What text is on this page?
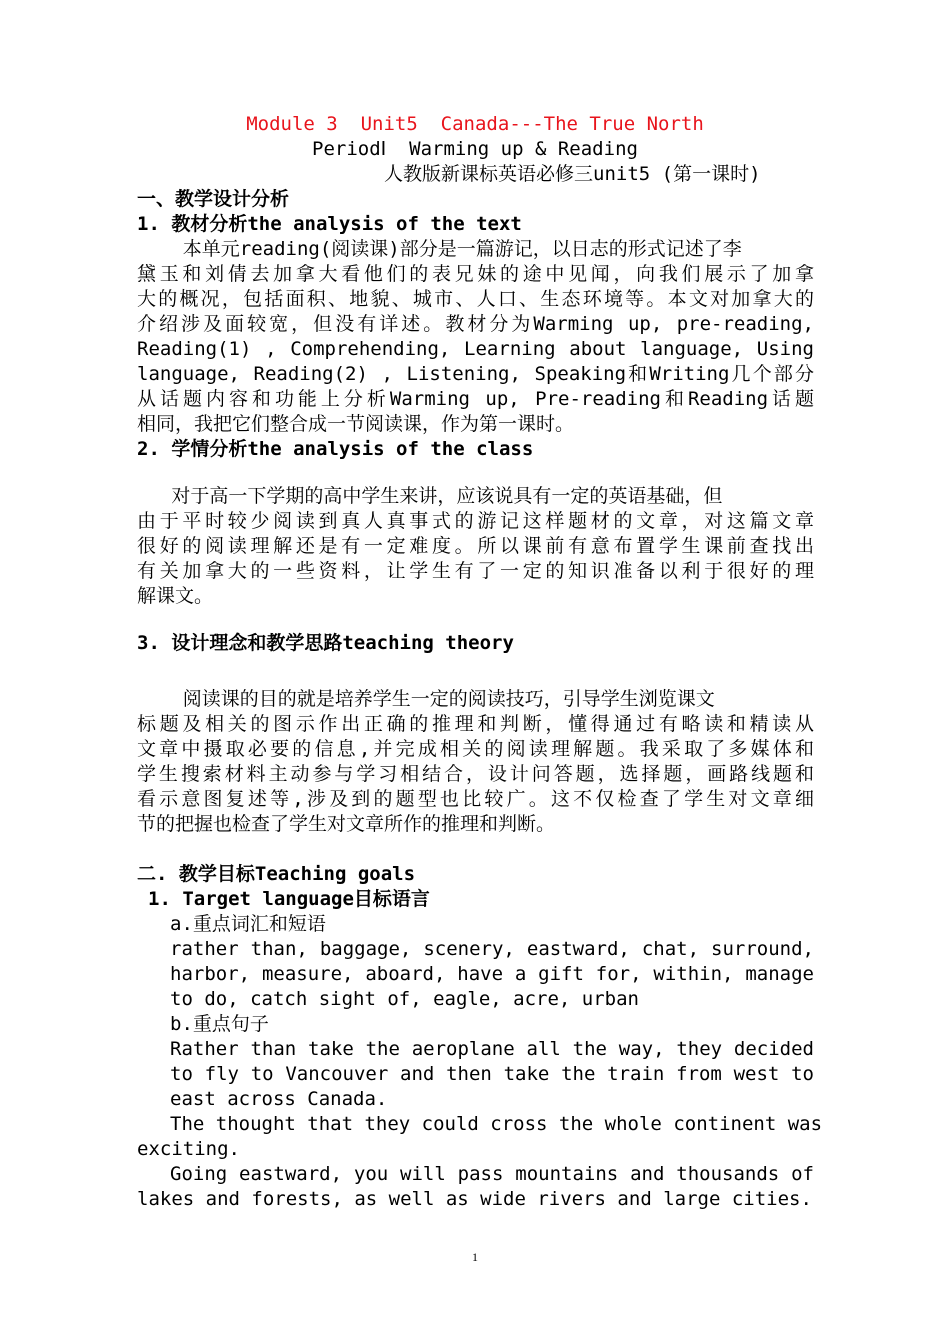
Module 3  Unit5  Canada---The True North
PeriodⅠ  Warming up & Reading
人教版新课标英语必修三unit5 (第一课时)
一、教学设计分析
1. 教材分析the analysis of the text
本单元reading(阅读课)部分是一篇游记，以日志的形式记述了李
黛玉和刘倩去加拿大看他们的表兄妹的途中见闻，向我们展示了加拿
大的概况，包括面积、地貌、城市、人口、生态环境等。本文对加拿大的
介绍涉及面较宽，但没有详述。教材分为Warming up, pre-reading,
Reading(1) , Comprehending, Learning about language, Using
language, Reading(2) , Listening, Speaking和Writing几个部分
从话题内容和功能上分析Warming up, Pre-reading和Reading话题
相同，我把它们整合成一节阅读课，作为第一课时。
2. 学情分析the analysis of the class
对于高一下学期的高中学生来讲，应该说具有一定的英语基础，但
由于平时较少阅读到真人真事式的游记这样题材的文章，对这篇文章
很好的阅读理解还是有一定难度。所以课前有意布置学生课前查找出
有关加拿大的一些资料，让学生有了一定的知识准备以利于很好的理
解课文。
3. 设计理念和教学思路teaching theory
阅读课的目的就是培养学生一定的阅读技巧，引导学生浏览课文
标题及相关的图示作出正确的推理和判断，懂得通过有略读和精读从
文章中摄取必要的信息,并完成相关的阅读理解题。我采取了多媒体和
学生搜索材料主动参与学习相结合，设计问答题，选择题，画路线题和
看示意图复述等,涉及到的题型也比较广。这不仅检查了学生对文章细
节的把握也检查了学生对文章所作的推理和判断。
二. 教学目标Teaching goals
1. Target language目标语言
a.重点词汇和短语
rather than, baggage, scenery, eastward, chat, surround,
harbor, measure, aboard, have a gift for, within, manage
to do, catch sight of, eagle, acre, urban
b.重点句子
Rather than take the aeroplane all the way, they decided
to fly to Vancouver and then take the train from west to
east across Canada.
The thought that they could cross the whole continent was
exciting.
Going eastward, you will pass mountains and thousands of
lakes and forests, as well as wide rivers and large cities.
1
